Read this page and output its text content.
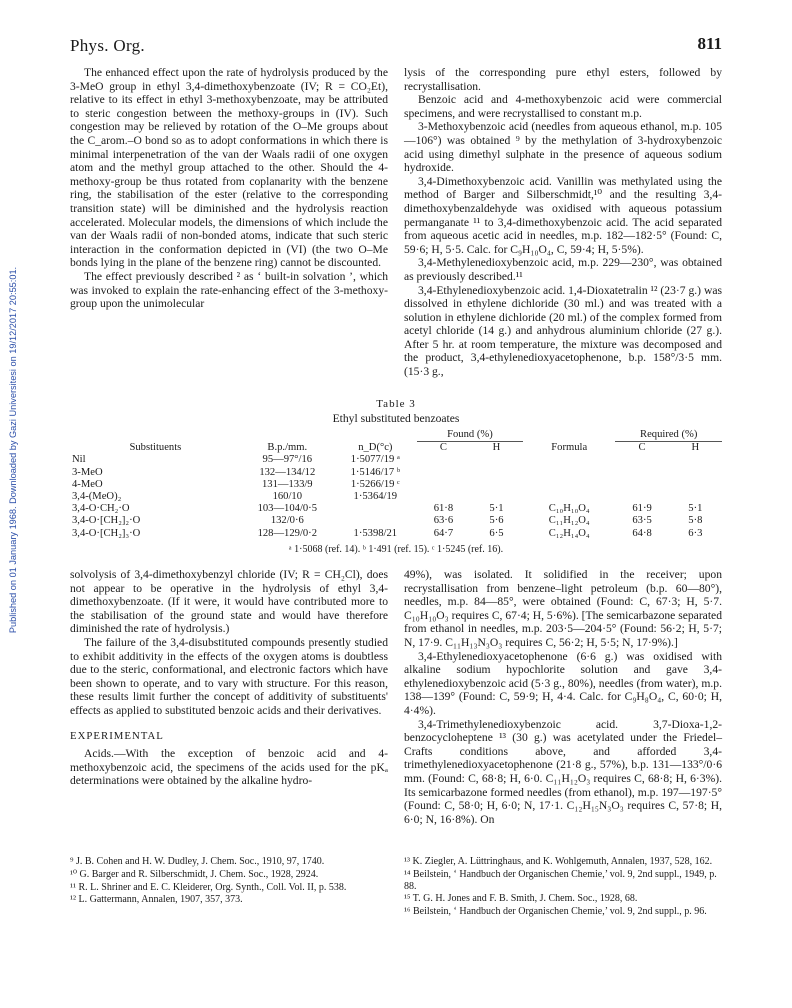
Phys. Org.	811
Published on 01 January 1968. Downloaded by Gazi Universitesi on 19/12/2017 20:55:01.

The enhanced effect upon the rate of hydrolysis produced by the 3-MeO group in ethyl 3,4-dimethoxybenzoate (IV; R = CO₂Et), relative to its effect in ethyl 3-methoxybenzoate, may be attributed to steric congestion between the methoxy-groups in (IV). Such congestion may be relieved by rotation of the O–Me groups about the C_arom.–O bond so as to adopt conformations in which there is minimal interpenetration of the van der Waals radii of one oxygen atom and the methyl group attached to the other. Should the 4-methoxy-group be thus rotated from coplanarity with the benzene ring, the stabilisation of the ester (relative to the corresponding transition state) will be diminished and the hydrolysis reaction accelerated. Molecular models, the dimensions of which include the van der Waals radii of non-bonded atoms, indicate that such steric interaction in the conformation depicted in (VI) (the two O–Me bonds lying in the plane of the benzene ring) cannot be discounted.

The effect previously described ² as ‘ built-in solvation ’, which was invoked to explain the rate-enhancing effect of the 3-methoxy-group upon the unimolecular

lysis of the corresponding pure ethyl esters, followed by recrystallisation.

Benzoic acid and 4-methoxybenzoic acid were commercial specimens, and were recrystallised to constant m.p.

3-Methoxybenzoic acid (needles from aqueous ethanol, m.p. 105—106°) was obtained ⁹ by the methylation of 3-hydroxybenzoic acid using dimethyl sulphate in the presence of aqueous sodium hydroxide.

3,4-Dimethoxybenzoic acid. Vanillin was methylated using the method of Barger and Silberschmidt,¹⁰ and the resulting 3,4-dimethoxybenzaldehyde was oxidised with aqueous potassium permanganate ¹¹ to 3,4-dimethoxybenzoic acid. The acid separated from aqueous acetic acid in needles, m.p. 182—182·5° (Found: C, 59·6; H, 5·5. Calc. for C₉H₁₀O₄, C, 59·4; H, 5·5%).

3,4-Methylenedioxybenzoic acid, m.p. 229—230°, was obtained as previously described.¹¹

3,4-Ethylenedioxybenzoic acid. 1,4-Dioxatetralin ¹² (23·7 g.) was dissolved in ethylene dichloride (30 ml.) and was treated with a solution in ethylene dichloride (20 ml.) of the complex formed from acetyl chloride (14 g.) and anhydrous aluminium chloride (27 g.). After 5 hr. at room temperature, the mixture was decomposed and the product, 3,4-ethylenedioxyacetophenone, b.p. 158°/3·5 mm. (15·3 g.,

Table 3
Ethyl substituted benzoates
			Found (%)			Required (%)	
Substituents	B.p./mm.	n_D(°c)	C	H	Formula	C	H
Nil	95—97°/16	1·5077/19 ᵃ					
3-MeO	132—134/12	1·5146/17 ᵇ					
4-MeO	131—133/9	1·5266/19 ᶜ					
3,4-(MeO)₂	160/10	1·5364/19					
3,4-O·CH₂·O	103—104/0·5		61·8	5·1	C₁₀H₁₀O₄	61·9	5·1
3,4-O·[CH₂]₂·O	132/0·6		63·6	5·6	C₁₁H₁₂O₄	63·5	5·8
3,4-O·[CH₂]₃·O	128—129/0·2	1·5398/21	64·7	6·5	C₁₂H₁₄O₄	64·8	6·3
ᵃ 1·5068 (ref. 14). ᵇ 1·491 (ref. 15). ᶜ 1·5245 (ref. 16).

solvolysis of 3,4-dimethoxybenzyl chloride (IV; R = CH₂Cl), does not appear to be operative in the hydrolysis of ethyl 3,4-dimethoxybenzoate. (If it were, it would have contributed more to the stabilisation of the ground state and would have therefore diminished the rate of hydrolysis.)

The failure of the 3,4-disubstituted compounds presently studied to exhibit additivity in the effects of the oxygen atoms is doubtless due to the steric, conformational, and electronic factors which have been shown to operate, and to vary with structure. For this reason, these results limit further the concept of additivity of substituents' effects as applied to substituted benzoic acids and their derivatives.

EXPERIMENTAL

Acids.—With the exception of benzoic acid and 4-methoxybenzoic acid, the specimens of the acids used for the pKₐ determinations were obtained by the alkaline hydro-

49%), was isolated. It solidified in the receiver; upon recrystallisation from benzene–light petroleum (b.p. 60—80°), needles, m.p. 84—85°, were obtained (Found: C, 67·3; H, 5·7. C₁₀H₁₀O₃ requires C, 67·4; H, 5·6%). [The semicarbazone separated from ethanol in needles, m.p. 203·5—204·5° (Found: 56·2; H, 5·7; N, 17·9. C₁₁H₁₃N₃O₃ requires C, 56·2; H, 5·5; N, 17·9%).]

3,4-Ethylenedioxyacetophenone (6·6 g.) was oxidised with alkaline sodium hypochlorite solution and gave 3,4-ethylenedioxybenzoic acid (5·3 g., 80%), needles (from water), m.p. 138—139° (Found: C, 59·9; H, 4·4. Calc. for C₉H₈O₄, C, 60·0; H, 4·4%).

3,4-Trimethylenedioxybenzoic acid. 3,7-Dioxa-1,2-benzocycloheptene ¹³ (30 g.) was acetylated under the Friedel–Crafts conditions above, and afforded 3,4-trimethylenedioxyacetophenone (21·8 g., 57%), b.p. 131—133°/0·6 mm. (Found: C, 68·8; H, 6·0. C₁₁H₁₂O₃ requires C, 68·8; H, 6·3%). Its semicarbazone formed needles (from ethanol), m.p. 197—197·5° (Found: C, 58·0; H, 6·0; N, 17·1. C₁₂H₁₅N₃O₃ requires C, 57·8; H, 6·0; N, 16·8%). On

⁹ J. B. Cohen and H. W. Dudley, J. Chem. Soc., 1910, 97, 1740.

¹⁰ G. Barger and R. Silberschmidt, J. Chem. Soc., 1928, 2924.

¹¹ R. L. Shriner and E. C. Kleiderer, Org. Synth., Coll. Vol. II, p. 538.

¹² L. Gattermann, Annalen, 1907, 357, 373.

¹³ K. Ziegler, A. Lüttringhaus, and K. Wohlgemuth, Annalen, 1937, 528, 162.

¹⁴ Beilstein, ‘ Handbuch der Organischen Chemie,’ vol. 9, 2nd suppl., 1949, p. 88.

¹⁵ T. G. H. Jones and F. B. Smith, J. Chem. Soc., 1928, 68.

¹⁶ Beilstein, ‘ Handbuch der Organischen Chemie,’ vol. 9, 2nd suppl., p. 96.
